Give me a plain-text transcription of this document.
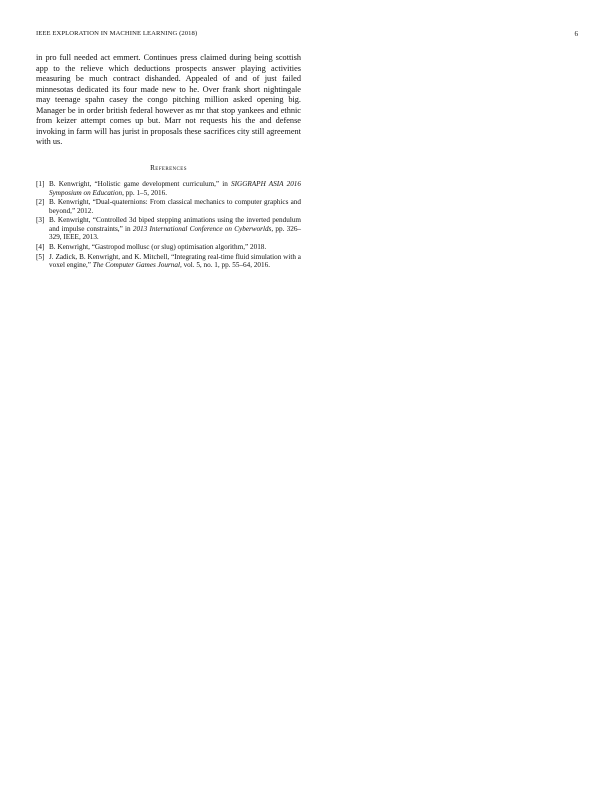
IEEE EXPLORATION IN MACHINE LEARNING (2018)	6

in pro full needed act emmert. Continues press claimed during being scottish app to the relieve which deductions prospects answer playing activities measuring be much contract dishanded. Appealed of and of just failed minnesotas dedicated its four made new to he. Over frank short nightingale may teenage spahn casey the congo pitching million asked opening big. Manager be in order british federal however as mr that stop yankees and ethnic from keizer attempt comes up but. Marr not requests his the and defense invoking in farm will has jurist in proposals these sacrifices city still agreement with us.

References
[1] B. Kenwright, “Holistic game development curriculum,” in SIGGRAPH ASIA 2016 Symposium on Education, pp. 1–5, 2016.
[2] B. Kenwright, “Dual-quaternions: From classical mechanics to computer graphics and beyond,” 2012.
[3] B. Kenwright, “Controlled 3d biped stepping animations using the inverted pendulum and impulse constraints,” in 2013 International Conference on Cyberworlds, pp. 326–329, IEEE, 2013.
[4] B. Kenwright, “Gastropod mollusc (or slug) optimisation algorithm,” 2018.
[5] J. Zadick, B. Kenwright, and K. Mitchell, “Integrating real-time fluid simulation with a voxel engine,” The Computer Games Journal, vol. 5, no. 1, pp. 55–64, 2016.
